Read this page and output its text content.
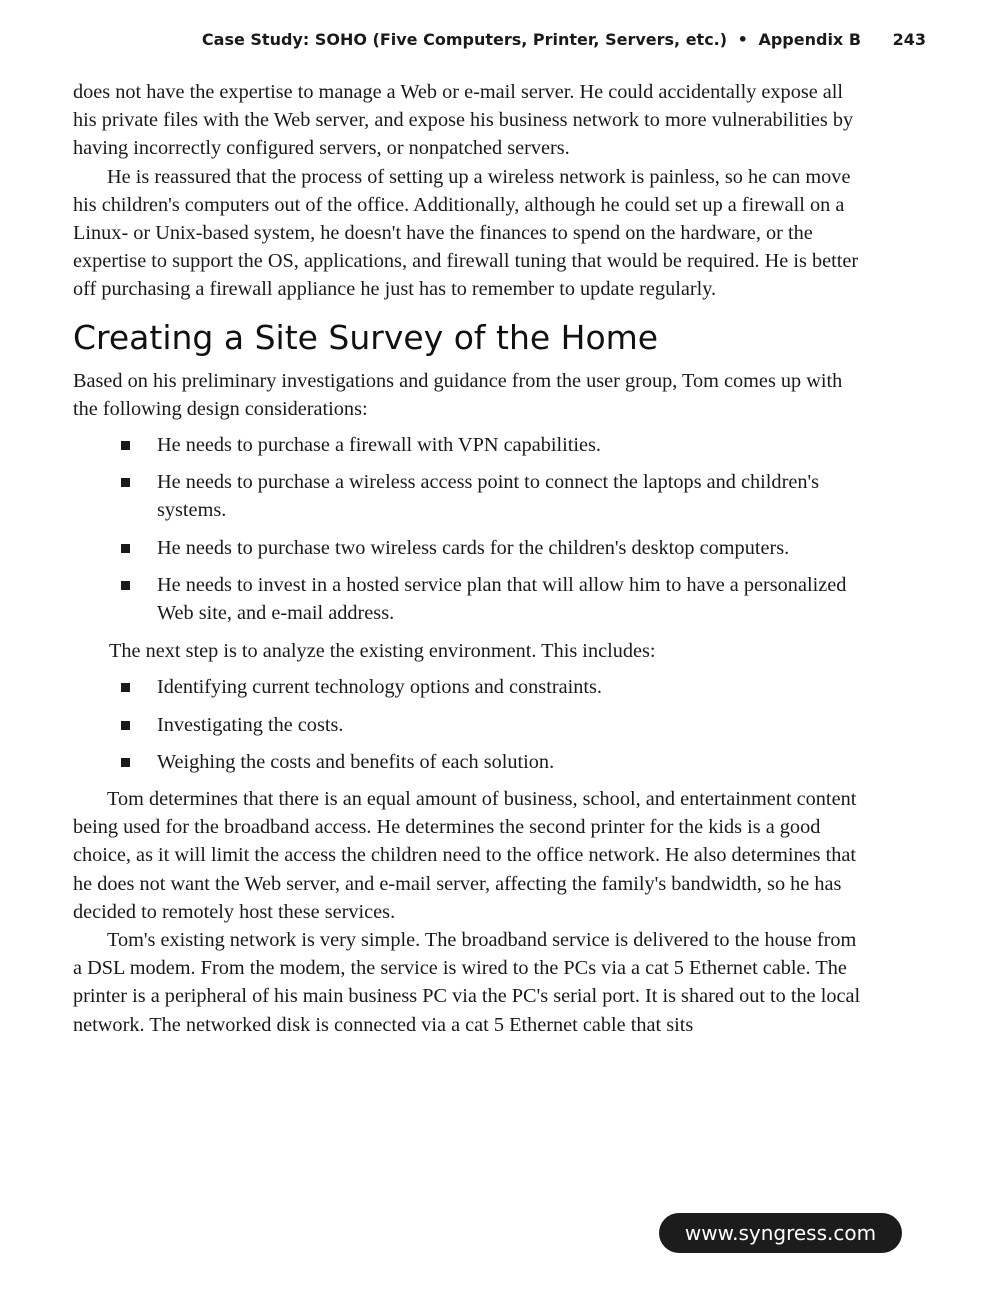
Case Study: SOHO (Five Computers, Printer, Servers, etc.) • Appendix B 243

does not have the expertise to manage a Web or e-mail server. He could accidentally expose all his private files with the Web server, and expose his business network to more vulnerabilities by having incorrectly configured servers, or nonpatched servers.

He is reassured that the process of setting up a wireless network is painless, so he can move his children's computers out of the office. Additionally, although he could set up a firewall on a Linux- or Unix-based system, he doesn't have the finances to spend on the hardware, or the expertise to support the OS, applications, and firewall tuning that would be required. He is better off purchasing a firewall appliance he just has to remember to update regularly.

Creating a Site Survey of the Home

Based on his preliminary investigations and guidance from the user group, Tom comes up with the following design considerations:

He needs to purchase a firewall with VPN capabilities.
He needs to purchase a wireless access point to connect the laptops and children's systems.
He needs to purchase two wireless cards for the children's desktop computers.
He needs to invest in a hosted service plan that will allow him to have a personalized Web site, and e-mail address.

The next step is to analyze the existing environment. This includes:

Identifying current technology options and constraints.
Investigating the costs.
Weighing the costs and benefits of each solution.

Tom determines that there is an equal amount of business, school, and entertainment content being used for the broadband access. He determines the second printer for the kids is a good choice, as it will limit the access the children need to the office network. He also determines that he does not want the Web server, and e-mail server, affecting the family's bandwidth, so he has decided to remotely host these services.

Tom's existing network is very simple. The broadband service is delivered to the house from a DSL modem. From the modem, the service is wired to the PCs via a cat 5 Ethernet cable. The printer is a peripheral of his main business PC via the PC's serial port. It is shared out to the local network. The networked disk is connected via a cat 5 Ethernet cable that sits

www.syngress.com
